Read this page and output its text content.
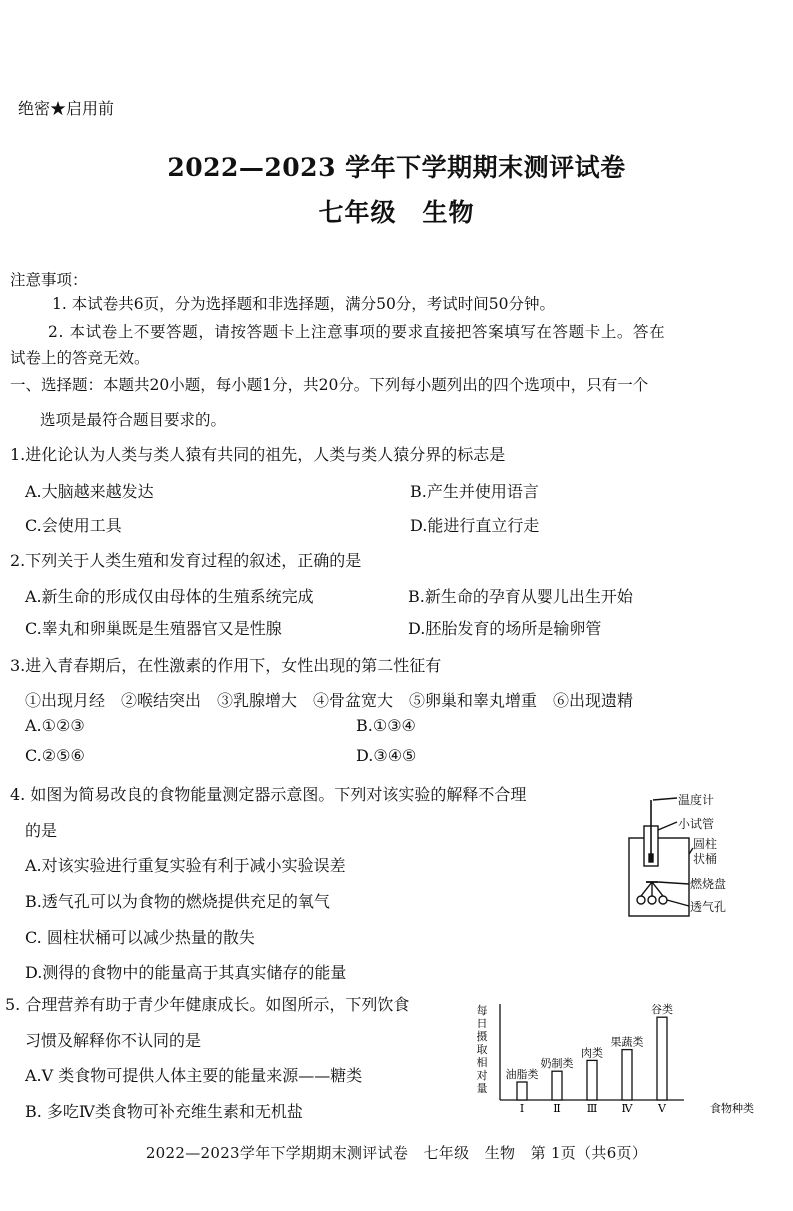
绝密★启用前
2022—2023 学年下学期期末测评试卷
七年级　生物
注意事项：
1. 本试卷共6页，分为选择题和非选择题，满分50分，考试时间50分钟。
2. 本试卷上不要答题，请按答题卡上注意事项的要求直接把答案填写在答题卡上。答在
试卷上的答竞无效。
一、选择题：本题共20小题，每小题1分，共20分。下列每小题列出的四个选项中，只有一个
选项是最符合题目要求的。
1.进化论认为人类与类人猿有共同的祖先，人类与类人猿分界的标志是
A.大脑越来越发达	B.产生并使用语言
C.会使用工具	D.能进行直立行走
2.下列关于人类生殖和发育过程的叙述，正确的是
A.新生命的形成仅由母体的生殖系统完成	B.新生命的孕育从婴儿出生开始
C.睾丸和卵巢既是生殖器官又是性腺	D.胚胎发育的场所是输卵管
3.进入青春期后，在性激素的作用下，女性出现的第二性征有
①出现月经　②喉结突出　③乳腺增大　④骨盆宽大　⑤卵巢和睾丸增重　⑥出现遗精
A.①②③	B.①③④
C.②⑤⑥	D.③④⑤
4. 如图为简易改良的食物能量测定器示意图。下列对该实验的解释不合理
的是
A.对该实验进行重复实验有利于减小实验误差
B.透气孔可以为食物的燃烧提供充足的氧气
C. 圆柱状桶可以减少热量的散失
D.测得的食物中的能量高于其真实储存的能量
温度计
小试管
圆柱
状桶
燃烧盘
透气孔
5. 合理营养有助于青少年健康成长。如图所示，下列饮食
习惯及解释你不认同的是
A.V 类食物可提供人体主要的能量来源——糖类
B. 多吃Ⅳ类食物可补充维生素和无机盐
每日摄取相对量
油脂类
Ⅰ
奶制类
Ⅱ
肉类
Ⅲ
果蔬类
Ⅳ
谷类
Ⅴ	食物种类
2022—2023学年下学期期末测评试卷　七年级　生物　第 1页（共6页）
